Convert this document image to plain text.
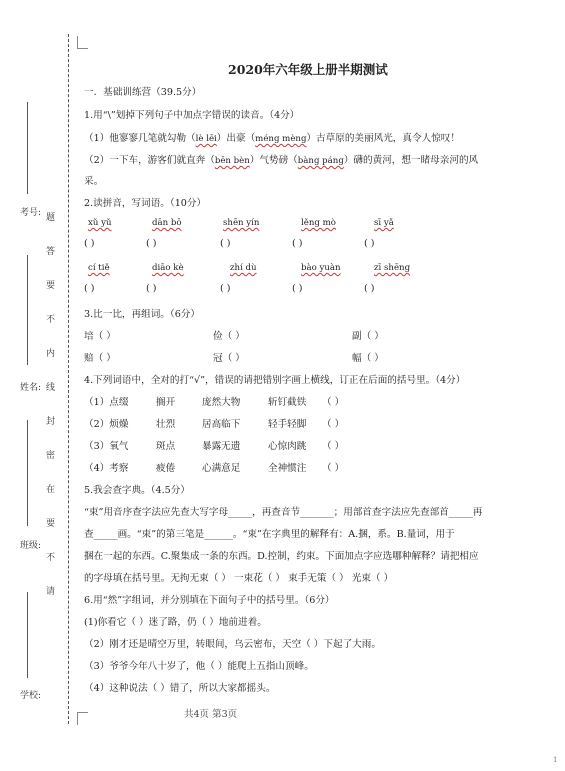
考号:
姓名:
班级:
学校:
题
答
要
不
内
线
封
密
在
要
不
请
2020年六年级上册半期测试
一．基础训练营（39.5分）
1.用“\”划掉下列句子中加点字错误的读音。（4分）
（1）他寥寥几笔就勾勒（lè lēi）出豪（méng mèng）古草原的美丽风光，真令人惊叹！
（2）一下车，游客们就直奔（bēn bèn）气势磅（bàng páng）礴的黄河，想一睹母亲河的风
采。
2.读拼音，写词语。（10分）
xǔ yǔ	dān bō	shēn yín	lěng mò	sī yǎ
( )	( )	( )	( )	( )
cí tiě	diāo kè	zhí dù	bào yuàn	zī shēng
( )	( )	( )	( )	( )
3.比一比，再组词。（6分）
培（ ）	俭（ ）	副（ ）
赔（ ）	冠（ ）	幅（ ）
4.下列词语中，全对的打“√”，错误的请把错别字画上横线，订正在后面的括号里。（4分）
（1）点缀	搁开	庞然大物	斩钉截铁 （ ）
（2）烦燥	壮烈	居高临下	轻手轻脚 （ ）
（3）氧气	斑点	暴露无遗	心惊肉跳 （ ）
（4）考察	疲倦	心满意足	全神惯注 （ ）
5.我会查字典。（4.5分）
“束”用音序查字法应先查大写字母_____，再查音节_______；用部首查字法应先查部首_____再
查_____画。“束”的第三笔是______。“束”在字典里的解释有：A.捆，系。B.量词，用于
捆在一起的东西。C.聚集成一条的东西。D.控制，约束。下面加点字应选哪种解释？请把相应
的字母填在括号里。无拘无束（ ） 一束花（ ） 束手无策（ ） 光束（ ）
6.用“然”字组词，并分别填在下面句子中的括号里。（6分）
(1)你看它（ ）迷了路，仍（ ）地前进着。
（2）刚才还是晴空万里，转眼间，乌云密布，天空（ ）下起了大雨。
（3）爷爷今年八十岁了，他（ ）能爬上五指山顶峰。
（4）这种说法（ ）错了，所以大家都摇头。
共4页 第3页
1
